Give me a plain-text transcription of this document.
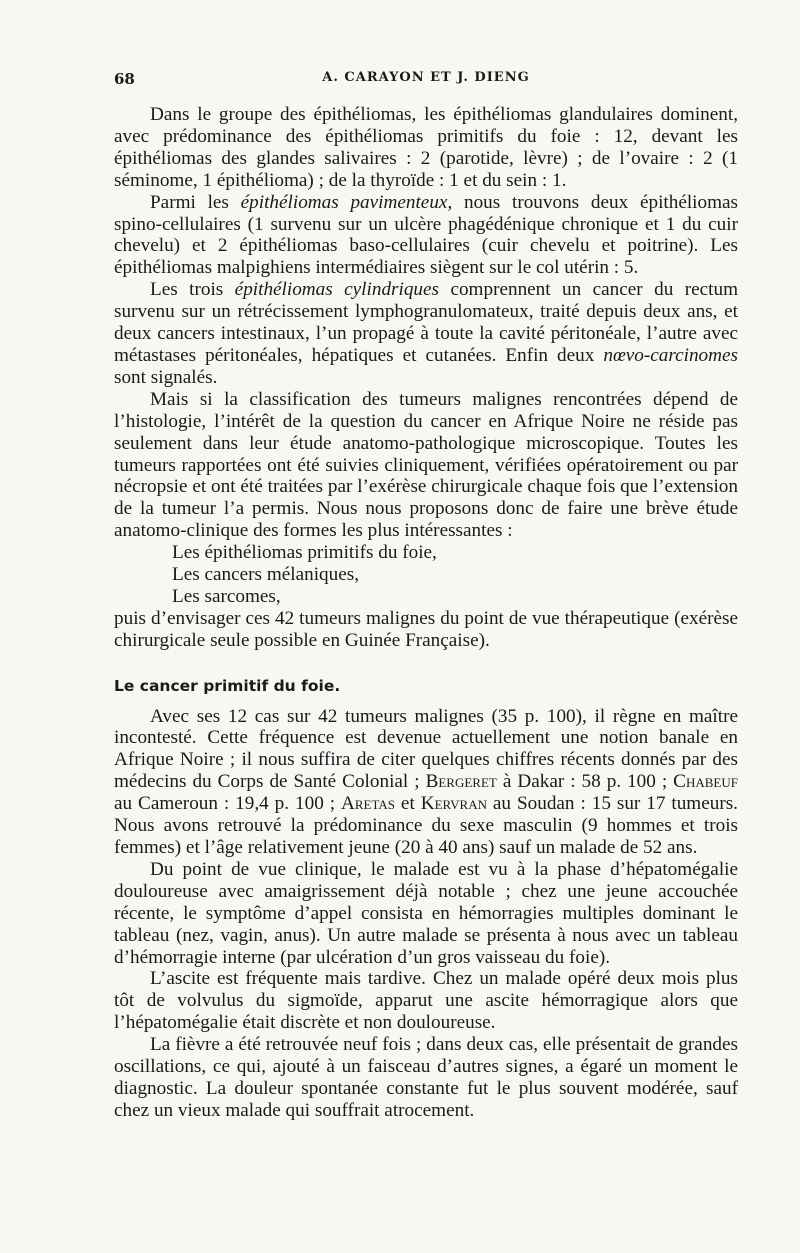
68	A. CARAYON ET J. DIENG

Dans le groupe des épithéliomas, les épithéliomas glandulaires dominent, avec prédominance des épithéliomas primitifs du foie : 12, devant les épithéliomas des glandes salivaires : 2 (parotide, lèvre) ; de l’ovaire : 2 (1 séminome, 1 épithélioma) ; de la thyroïde : 1 et du sein : 1.

Parmi les épithéliomas pavimenteux, nous trouvons deux épithéliomas spino-cellulaires (1 survenu sur un ulcère phagédénique chronique et 1 du cuir chevelu) et 2 épithéliomas baso-cellulaires (cuir chevelu et poitrine). Les épithéliomas malpighiens intermédiaires siègent sur le col utérin : 5.

Les trois épithéliomas cylindriques comprennent un cancer du rectum survenu sur un rétrécissement lymphogranulomateux, traité depuis deux ans, et deux cancers intestinaux, l’un propagé à toute la cavité péritonéale, l’autre avec métastases péritonéales, hépatiques et cutanées. Enfin deux nœvo-carcinomes sont signalés.

Mais si la classification des tumeurs malignes rencontrées dépend de l’histologie, l’intérêt de la question du cancer en Afrique Noire ne réside pas seulement dans leur étude anatomo-pathologique microscopique. Toutes les tumeurs rapportées ont été suivies cliniquement, vérifiées opératoirement ou par nécropsie et ont été traitées par l’exérèse chirurgicale chaque fois que l’extension de la tumeur l’a permis. Nous nous proposons donc de faire une brève étude anatomo-clinique des formes les plus intéressantes :

Les épithéliomas primitifs du foie,
Les cancers mélaniques,
Les sarcomes,

puis d’envisager ces 42 tumeurs malignes du point de vue thérapeutique (exérèse chirurgicale seule possible en Guinée Française).

Le cancer primitif du foie.

Avec ses 12 cas sur 42 tumeurs malignes (35 p. 100), il règne en maître incontesté. Cette fréquence est devenue actuellement une notion banale en Afrique Noire ; il nous suffira de citer quelques chiffres récents donnés par des médecins du Corps de Santé Colonial ; Bergeret à Dakar : 58 p. 100 ; Chabeuf au Cameroun : 19,4 p. 100 ; Aretas et Kervran au Soudan : 15 sur 17 tumeurs. Nous avons retrouvé la prédominance du sexe masculin (9 hommes et trois femmes) et l’âge relativement jeune (20 à 40 ans) sauf un malade de 52 ans.

Du point de vue clinique, le malade est vu à la phase d’hépatomégalie douloureuse avec amaigrissement déjà notable ; chez une jeune accouchée récente, le symptôme d’appel consista en hémorragies multiples dominant le tableau (nez, vagin, anus). Un autre malade se présenta à nous avec un tableau d’hémorragie interne (par ulcération d’un gros vaisseau du foie).

L’ascite est fréquente mais tardive. Chez un malade opéré deux mois plus tôt de volvulus du sigmoïde, apparut une ascite hémorragique alors que l’hépatomégalie était discrète et non douloureuse.

La fièvre a été retrouvée neuf fois ; dans deux cas, elle présentait de grandes oscillations, ce qui, ajouté à un faisceau d’autres signes, a égaré un moment le diagnostic. La douleur spontanée constante fut le plus souvent modérée, sauf chez un vieux malade qui souffrait atrocement.
